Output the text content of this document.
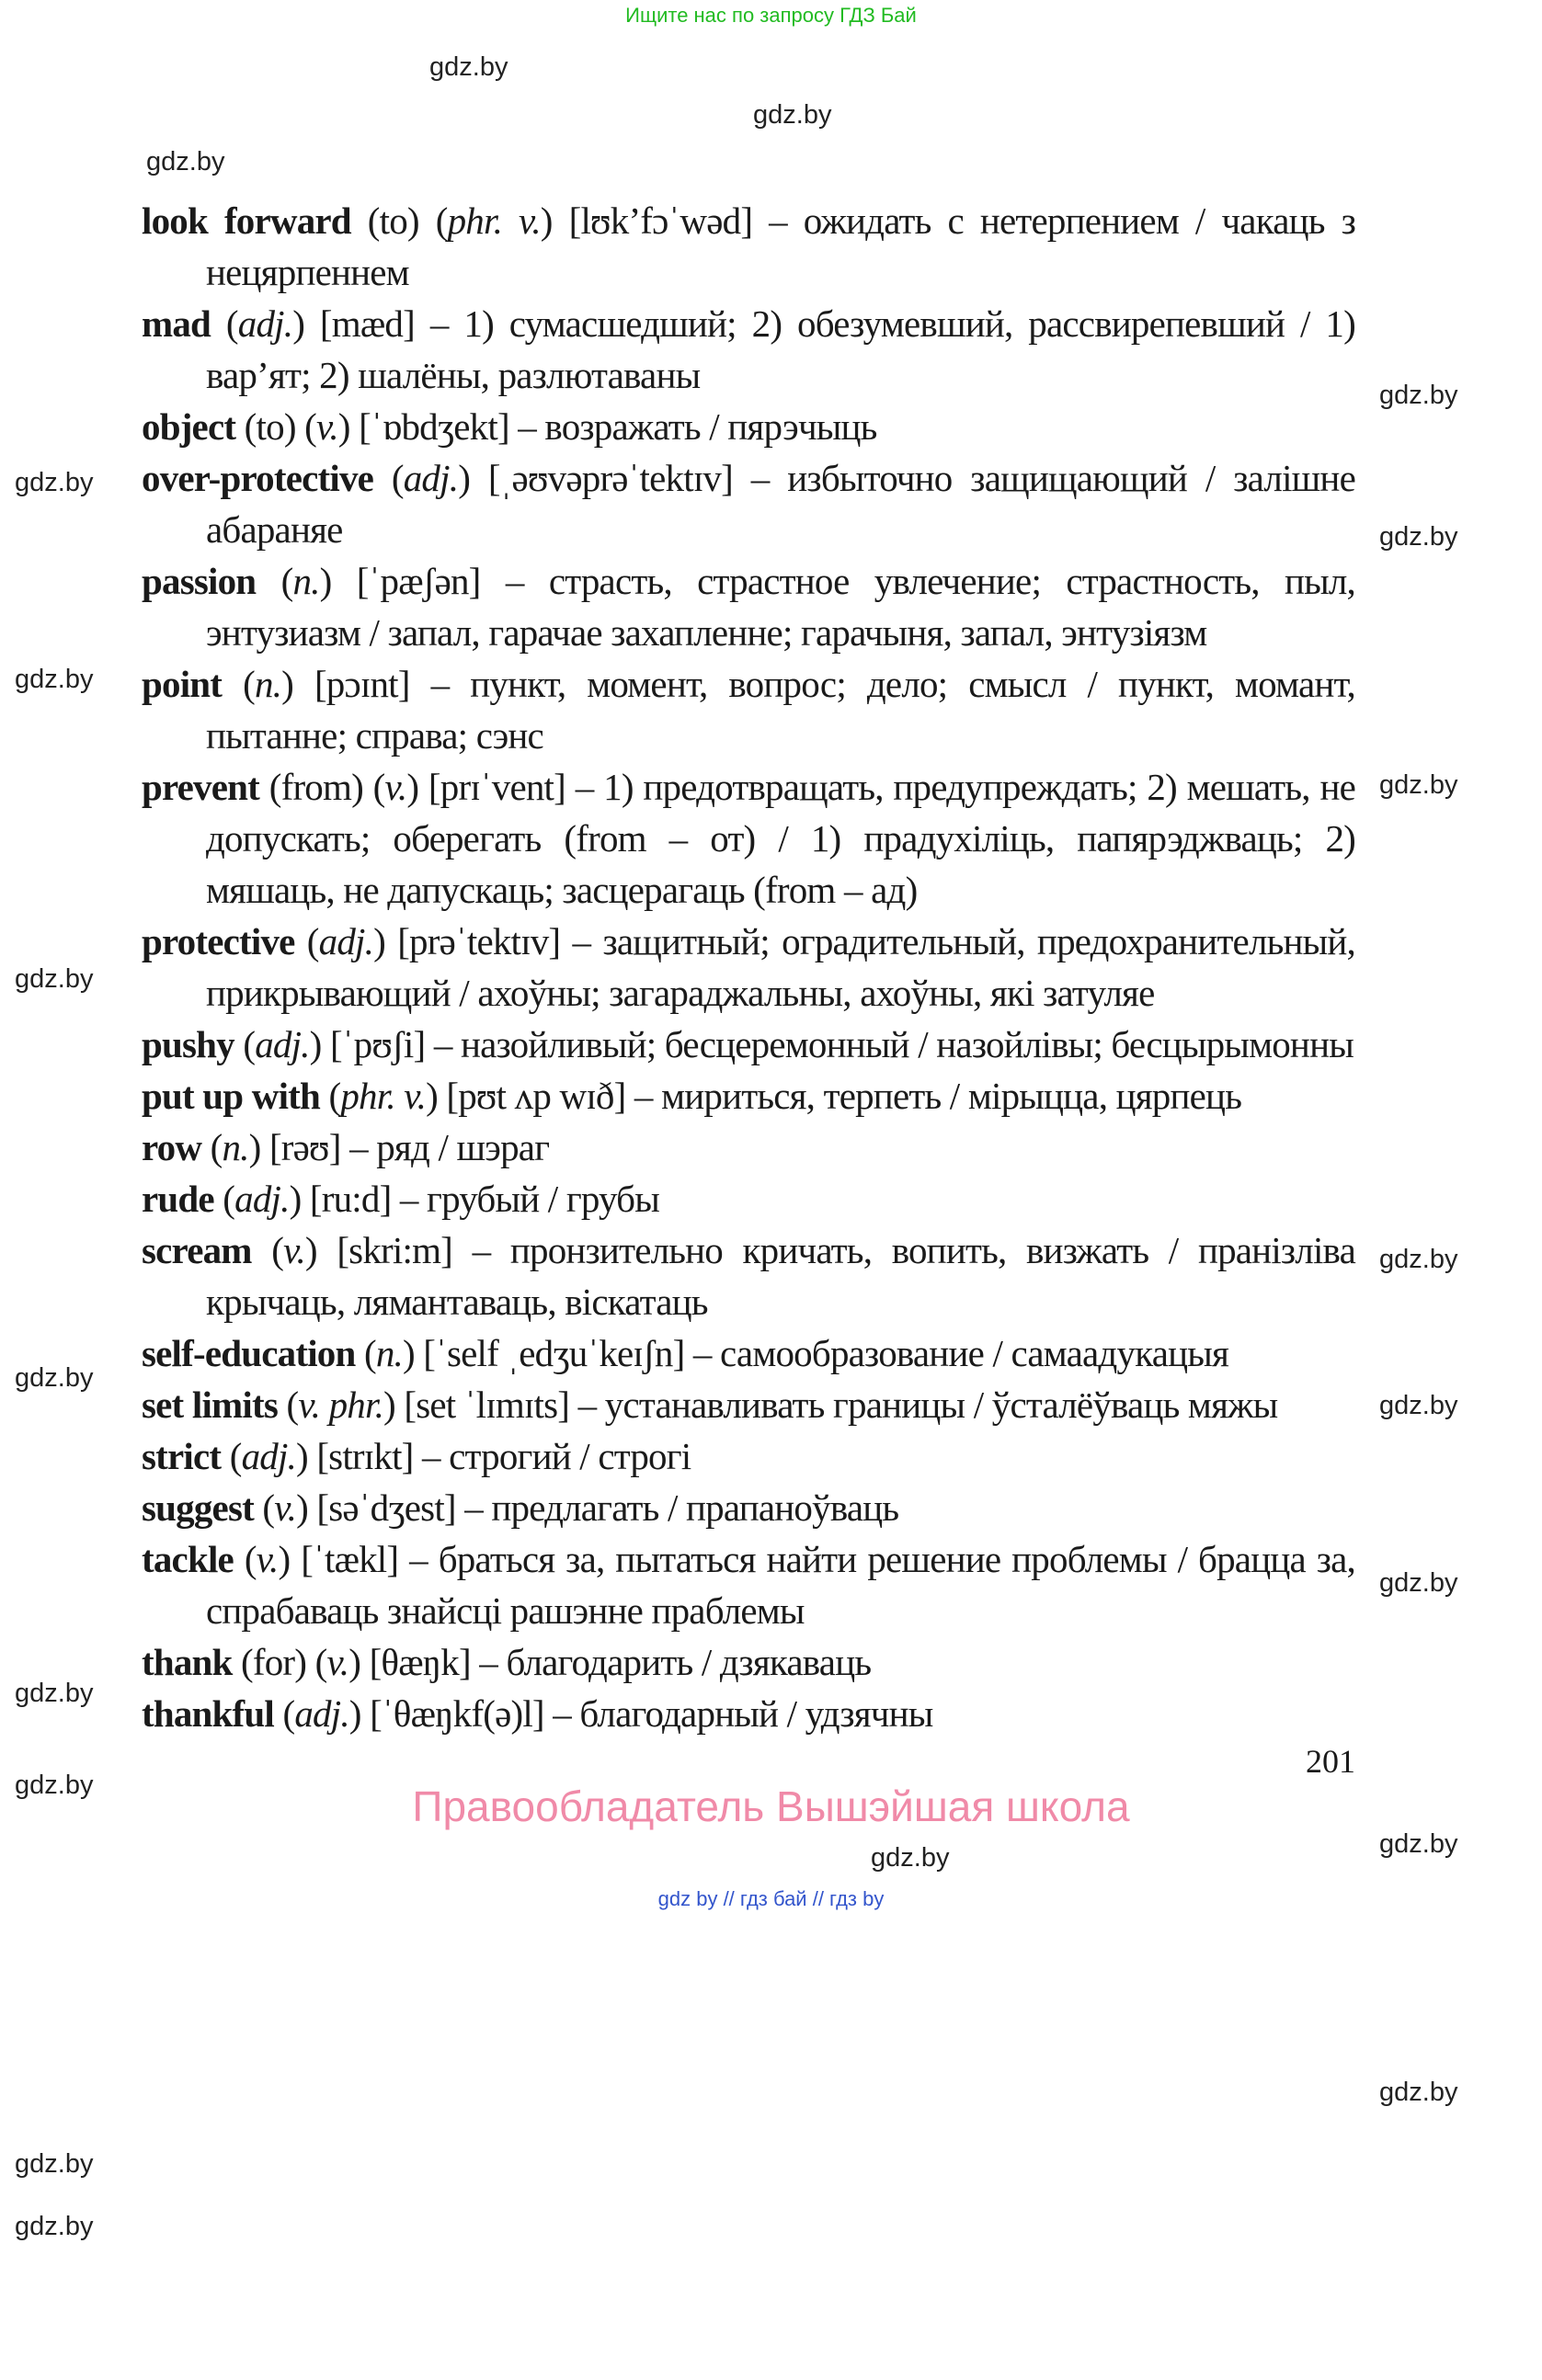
Ищите нас по запросу ГДЗ Бай
gdz.by
gdz.by
gdz.by
gdz.by
gdz.by
gdz.by
gdz.by
gdz.by
gdz.by
gdz.by
gdz.by
gdz.by
gdz.by
gdz.by
gdz.by
gdz.by
gdz.by
gdz.by
gdz.by
look forward (to) (phr. v.) [lʊk’fɔˈwəd] – ожидать с нетерпением / чакаць з нецярпеннем
mad (adj.) [mæd] – 1) сумасшедший; 2) обезумевший, рассвирепевший / 1) вар’ят; 2) шалёны, разлютаваны
object (to) (v.) [ˈɒbdʒekt] – возражать / пярэчыць
over-protective (adj.) [ˌəʊvəprəˈtektɪv] – избыточно защищающий / залішне абараняе
passion (n.) [ˈpæʃən] – страсть, страстное увлечение; страстность, пыл, энтузиазм / запал, гарачае захапленне; гарачыня, запал, энтузіязм
point (n.) [pɔɪnt] – пункт, момент, вопрос; дело; смысл / пункт, момант, пытанне; справа; сэнс
prevent (from) (v.) [prɪˈvent] – 1) предотвращать, предупреждать; 2) мешать, не допускать; оберегать (from – от) / 1) прадухіліць, папярэджваць; 2) мяшаць, не дапускаць; засцерагаць (from – ад)
protective (adj.) [prəˈtektɪv] – защитный; оградительный, предохранительный, прикрывающий / ахоўны; загараджальны, ахоўны, які затуляе
pushy (adj.) [ˈpʊʃi] – назойливый; бесцеремонный / назойлівы; бесцырымонны
put up with (phr. v.) [pʊt ʌp wɪð] – мириться, терпеть / мірыцца, цярпець
row (n.) [rəʊ] – ряд / шэраг
rude (adj.) [ru:d] – грубый / грубы
scream (v.) [skri:m] – пронзительно кричать, вопить, визжать / пранізліва крычаць, лямантаваць, віскатаць
self-education (n.) [ˈself ˌedʒuˈkeɪʃn] – самообразование / самаадукацыя
set limits (v. phr.) [set ˈlɪmɪts] – устанавливать границы / ўсталёўваць мяжы
strict (adj.) [strɪkt] – строгий / строгі
suggest (v.) [səˈdʒest] – предлагать / прапаноўваць
tackle (v.) [ˈtækl] – браться за, пытаться найти решение проблемы / брацца за, спрабаваць знайсці рашэнне праблемы
thank (for) (v.) [θæŋk] – благодарить / дзякаваць
thankful (adj.) [ˈθæŋkf(ə)l] – благодарный / удзячны
201
Правообладатель Вышэйшая школа
gdz.by
gdz by // гдз бай // гдз by
